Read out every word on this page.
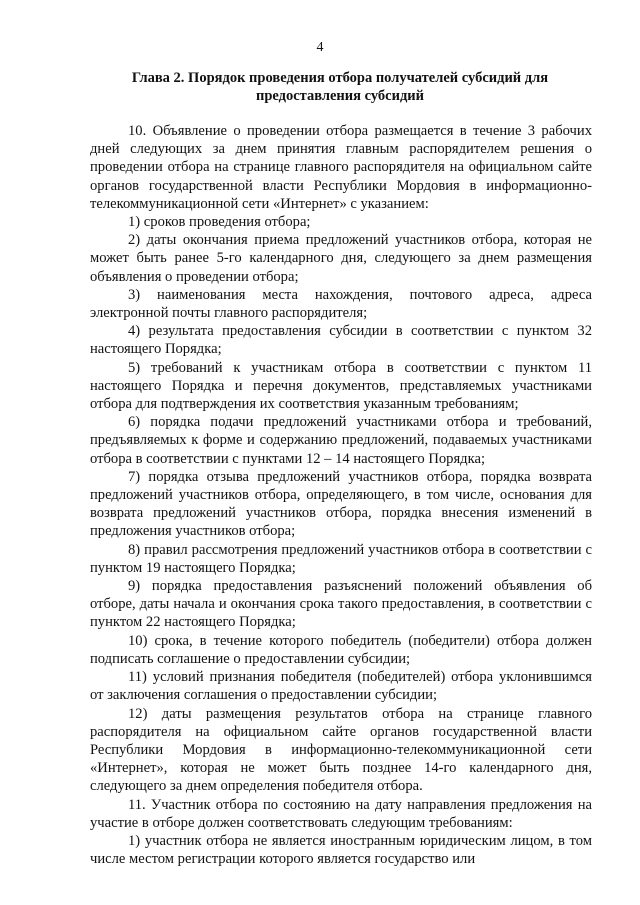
4
Глава 2. Порядок проведения отбора получателей субсидий для
предоставления субсидий

10. Объявление о проведении отбора размещается в течение 3 рабочих дней следующих за днем принятия главным распорядителем решения о проведении отбора на странице главного распорядителя на официальном сайте органов государственной власти Республики Мордовия в информационно-телекоммуникационной сети «Интернет» с указанием:

1) сроков проведения отбора;

2) даты окончания приема предложений участников отбора, которая не может быть ранее 5-го календарного дня, следующего за днем размещения объявления о проведении отбора;

3) наименования места нахождения, почтового адреса, адреса электронной почты главного распорядителя;

4) результата предоставления субсидии в соответствии с пунктом 32 настоящего Порядка;

5) требований к участникам отбора в соответствии с пунктом 11 настоящего Порядка и перечня документов, представляемых участниками отбора для подтверждения их соответствия указанным требованиям;

6) порядка подачи предложений участниками отбора и требований, предъявляемых к форме и содержанию предложений, подаваемых участниками отбора в соответствии с пунктами 12 – 14 настоящего Порядка;

7) порядка отзыва предложений участников отбора, порядка возврата предложений участников отбора, определяющего, в том числе, основания для возврата предложений участников отбора, порядка внесения изменений в предложения участников отбора;

8) правил рассмотрения предложений участников отбора в соответствии с пунктом 19 настоящего Порядка;

9) порядка предоставления разъяснений положений объявления об отборе, даты начала и окончания срока такого предоставления, в соответствии с пунктом 22 настоящего Порядка;

10) срока, в течение которого победитель (победители) отбора должен подписать соглашение о предоставлении субсидии;

11) условий признания победителя (победителей) отбора уклонившимся от заключения соглашения о предоставлении субсидии;

12) даты размещения результатов отбора на странице главного распорядителя на официальном сайте органов государственной власти Республики Мордовия в информационно-телекоммуникационной сети «Интернет», которая не может быть позднее 14-го календарного дня, следующего за днем определения победителя отбора.

11. Участник отбора по состоянию на дату направления предложения на участие в отборе должен соответствовать следующим требованиям:

1) участник отбора не является иностранным юридическим лицом, в том числе местом регистрации которого является государство или
